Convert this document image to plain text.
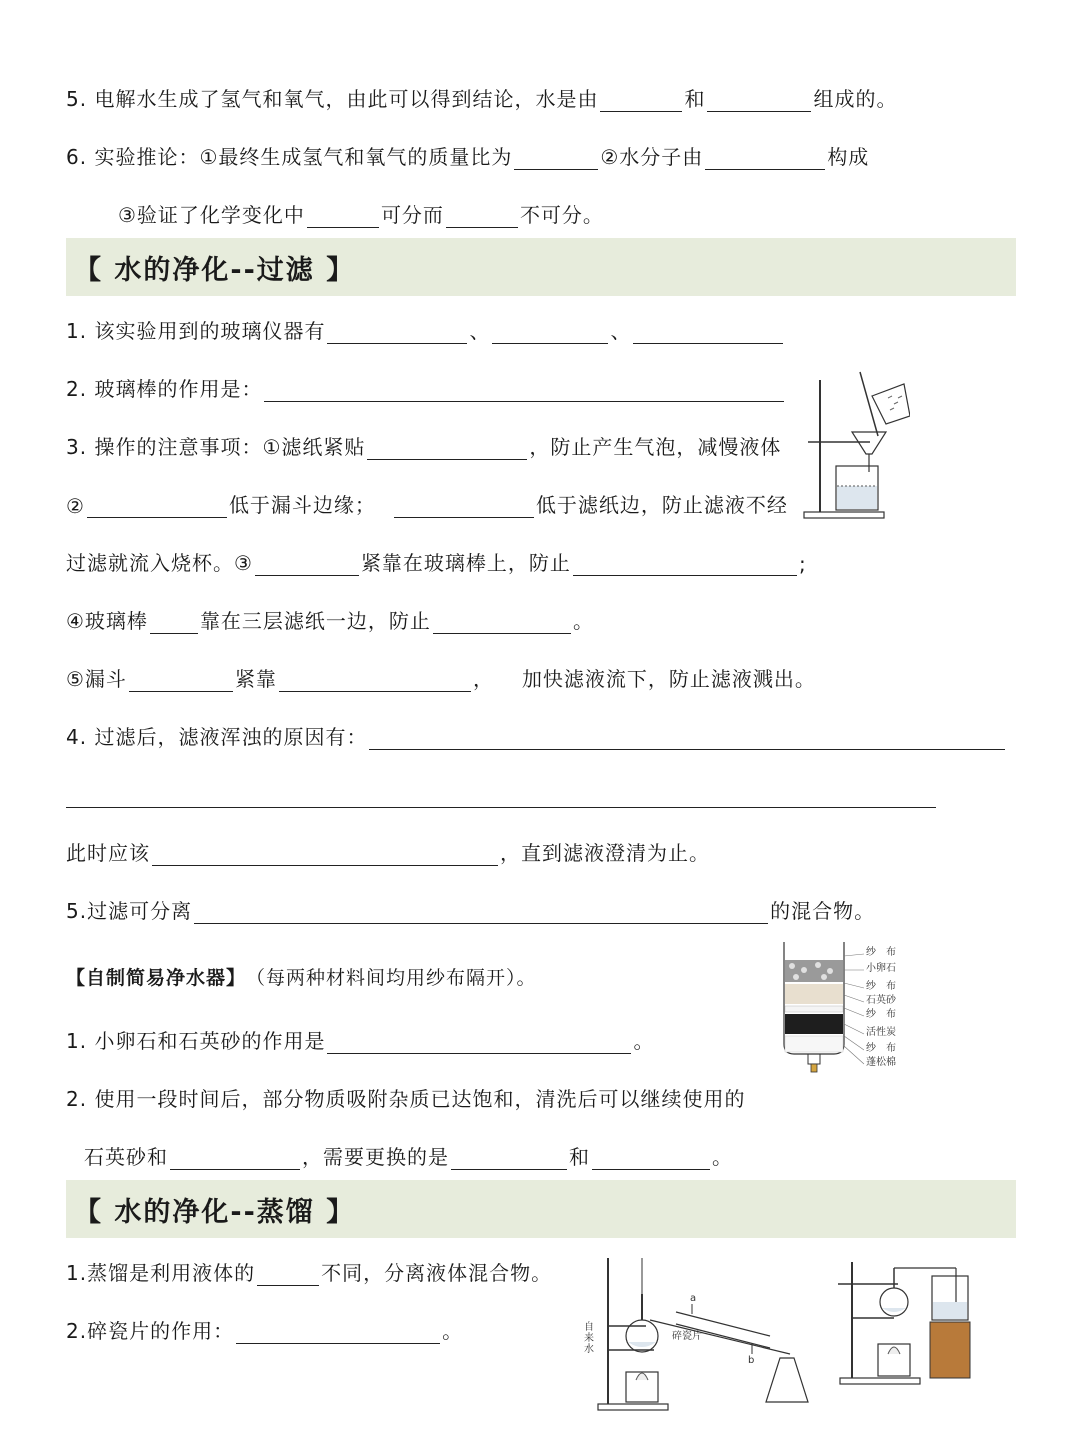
5. 电解水生成了氢气和氧气，由此可以得到结论，水是由	和	组成的。
6. 实验推论：①最终生成氢气和氧气的质量比为	②水分子由	构成
③验证了化学变化中	可分而	不可分。
【 水的净化--过滤 】
1. 该实验用到的玻璃仪器有	、	、
2. 玻璃棒的作用是：
3. 操作的注意事项：①滤纸紧贴	，防止产生气泡，减慢液体
②	低于漏斗边缘；	低于滤纸边，防止滤液不经
过滤就流入烧杯。③	紧靠在玻璃棒上，防止	;
④玻璃棒	靠在三层滤纸一边，防止	。
⑤漏斗	紧靠	， 加快滤液流下，防止滤液溅出。
4. 过滤后，滤液浑浊的原因有：
此时应该	，直到滤液澄清为止。
5.过滤可分离	的混合物。
【自制简易净水器】 （每两种材料间均用纱布隔开）。
1. 小卵石和石英砂的作用是	。
2. 使用一段时间后，部分物质吸附杂质已达饱和，清洗后可以继续使用的
石英砂和	，需要更换的是	和	。
【 水的净化--蒸馏 】
1.蒸馏是利用液体的	不同，分离液体混合物。
2.碎瓷片的作用：	。
纱　布
小卵石
纱　布
石英砂
纱　布
活性炭
纱　布
蓬松棉
自来水
碎瓷片
a
b
